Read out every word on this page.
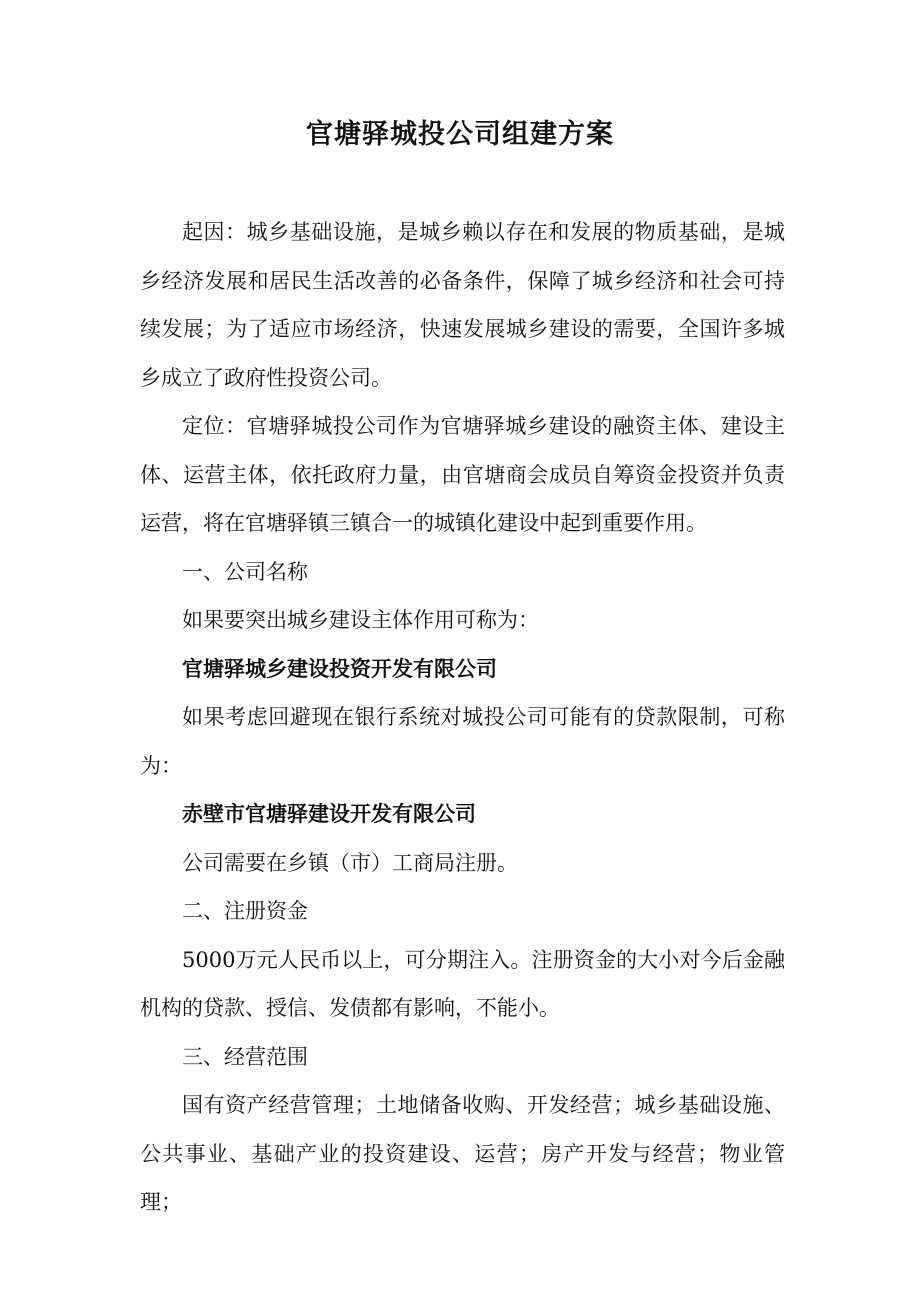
官塘驿城投公司组建方案

起因：城乡基础设施，是城乡赖以存在和发展的物质基础，是城乡经济发展和居民生活改善的必备条件，保障了城乡经济和社会可持续发展；为了适应市场经济，快速发展城乡建设的需要，全国许多城乡成立了政府性投资公司。

定位：官塘驿城投公司作为官塘驿城乡建设的融资主体、建设主体、运营主体，依托政府力量，由官塘商会成员自筹资金投资并负责运营，将在官塘驿镇三镇合一的城镇化建设中起到重要作用。

一、公司名称

如果要突出城乡建设主体作用可称为：

官塘驿城乡建设投资开发有限公司

如果考虑回避现在银行系统对城投公司可能有的贷款限制，可称为：

赤壁市官塘驿建设开发有限公司

公司需要在乡镇（市）工商局注册。

二、注册资金

5000万元人民币以上，可分期注入。注册资金的大小对今后金融机构的贷款、授信、发债都有影响，不能小。

三、经营范围

国有资产经营管理；土地储备收购、开发经营；城乡基础设施、公共事业、基础产业的投资建设、运营；房产开发与经营；物业管理；
